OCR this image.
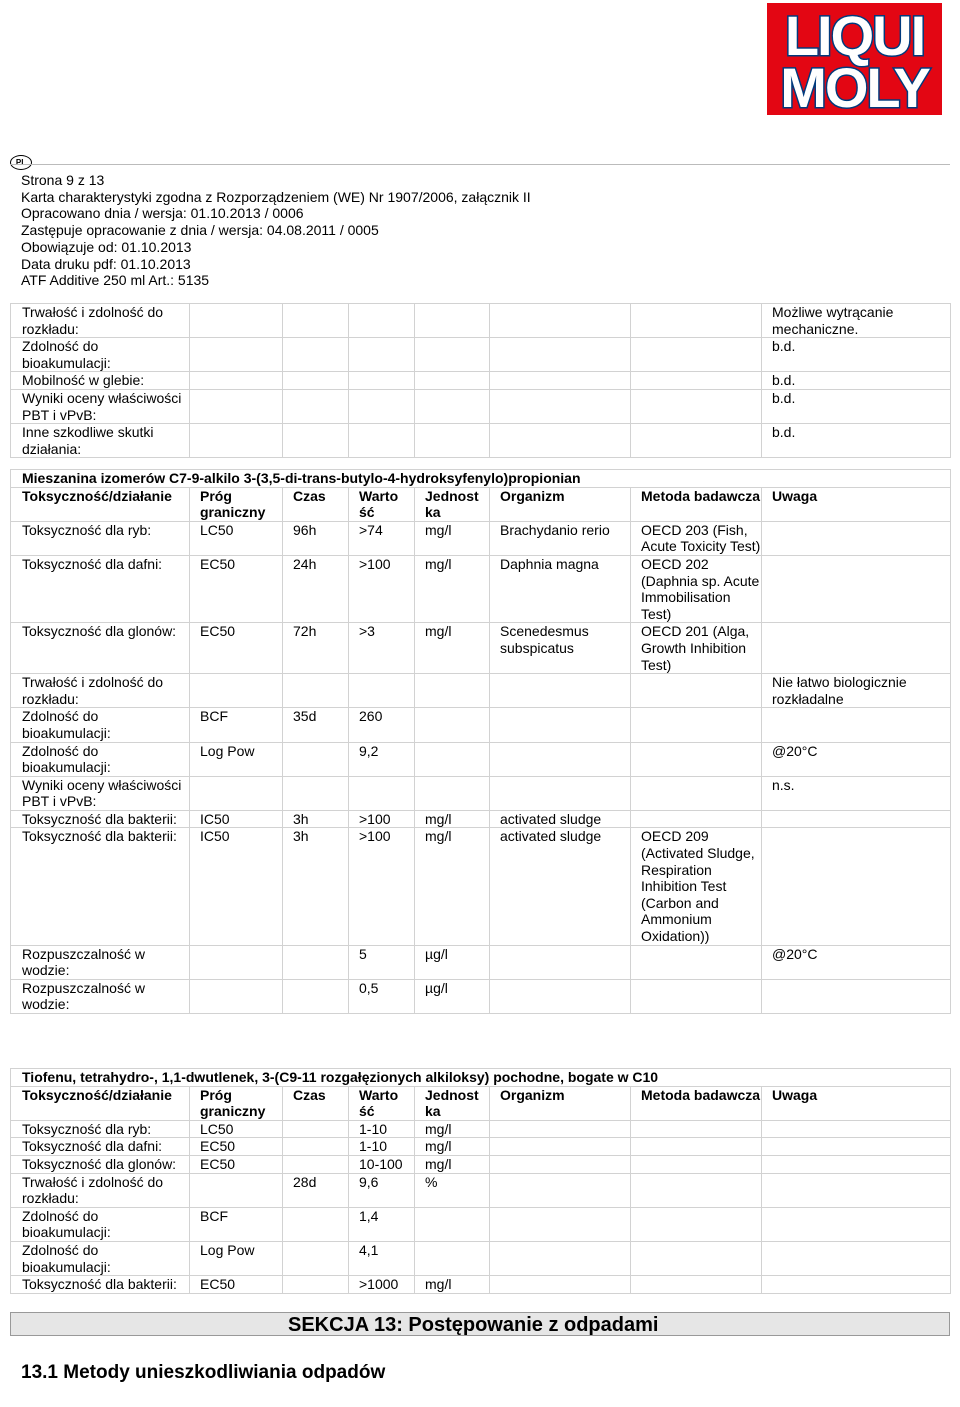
LIQUI
MOLY
PL
Strona 9 z 13
Karta charakterystyki zgodna z Rozporządzeniem (WE) Nr 1907/2006, załącznik II
Opracowano dnia / wersja: 01.10.2013 / 0006
Zastępuje opracowanie z dnia / wersja: 04.08.2011 / 0005
Obowiązuje od: 01.10.2013
Data druku pdf: 01.10.2013
ATF Additive 250 ml Art.: 5135
Trwałość i zdolność do rozkładu:							Możliwe wytrącanie mechaniczne.
Zdolność do bioakumulacji:							b.d.
Mobilność w glebie:							b.d.
Wyniki oceny właściwości PBT i vPvB:							b.d.
Inne szkodliwe skutki działania:							b.d.
Mieszanina izomerów C7-9-alkilo 3-(3,5-di-trans-butylo-4-hydroksyfenylo)propionian							
Toksyczność/działanie	Próg graniczny	Czas	Warto ść	Jednost ka	Organizm	Metoda badawcza	Uwaga
Toksyczność dla ryb:	LC50	96h	>74	mg/l	Brachydanio rerio	OECD 203 (Fish, Acute Toxicity Test)	
Toksyczność dla dafni:	EC50	24h	>100	mg/l	Daphnia magna	OECD 202 (Daphnia sp. Acute Immobilisation Test)	
Toksyczność dla glonów:	EC50	72h	>3	mg/l	Scenedesmus subspicatus	OECD 201 (Alga, Growth Inhibition Test)	
Trwałość i zdolność do rozkładu:							Nie łatwo biologicznie rozkładalne
Zdolność do bioakumulacji:	BCF	35d	260				
Zdolność do bioakumulacji:	Log Pow		9,2				@20°C
Wyniki oceny właściwości PBT i vPvB:							n.s.
Toksyczność dla bakterii:	IC50	3h	>100	mg/l	activated sludge		
Toksyczność dla bakterii:	IC50	3h	>100	mg/l	activated sludge	OECD 209 (Activated Sludge, Respiration Inhibition Test (Carbon and Ammonium Oxidation))	
Rozpuszczalność w wodzie:			5	µg/l			@20°C
Rozpuszczalność w wodzie:			0,5	µg/l			
Tiofenu, tetrahydro-, 1,1-dwutlenek, 3-(C9-11 rozgałęzionych alkiloksy) pochodne, bogate w C10							
Toksyczność/działanie	Próg graniczny	Czas	Warto ść	Jednost ka	Organizm	Metoda badawcza	Uwaga
Toksyczność dla ryb:	LC50		1-10	mg/l			
Toksyczność dla dafni:	EC50		1-10	mg/l			
Toksyczność dla glonów:	EC50		10-100	mg/l			
Trwałość i zdolność do rozkładu:		28d	9,6	%			
Zdolność do bioakumulacji:	BCF		1,4				
Zdolność do bioakumulacji:	Log Pow		4,1				
Toksyczność dla bakterii:	EC50		>1000	mg/l			
SEKCJA 13: Postępowanie z odpadami
13.1 Metody unieszkodliwiania odpadów
